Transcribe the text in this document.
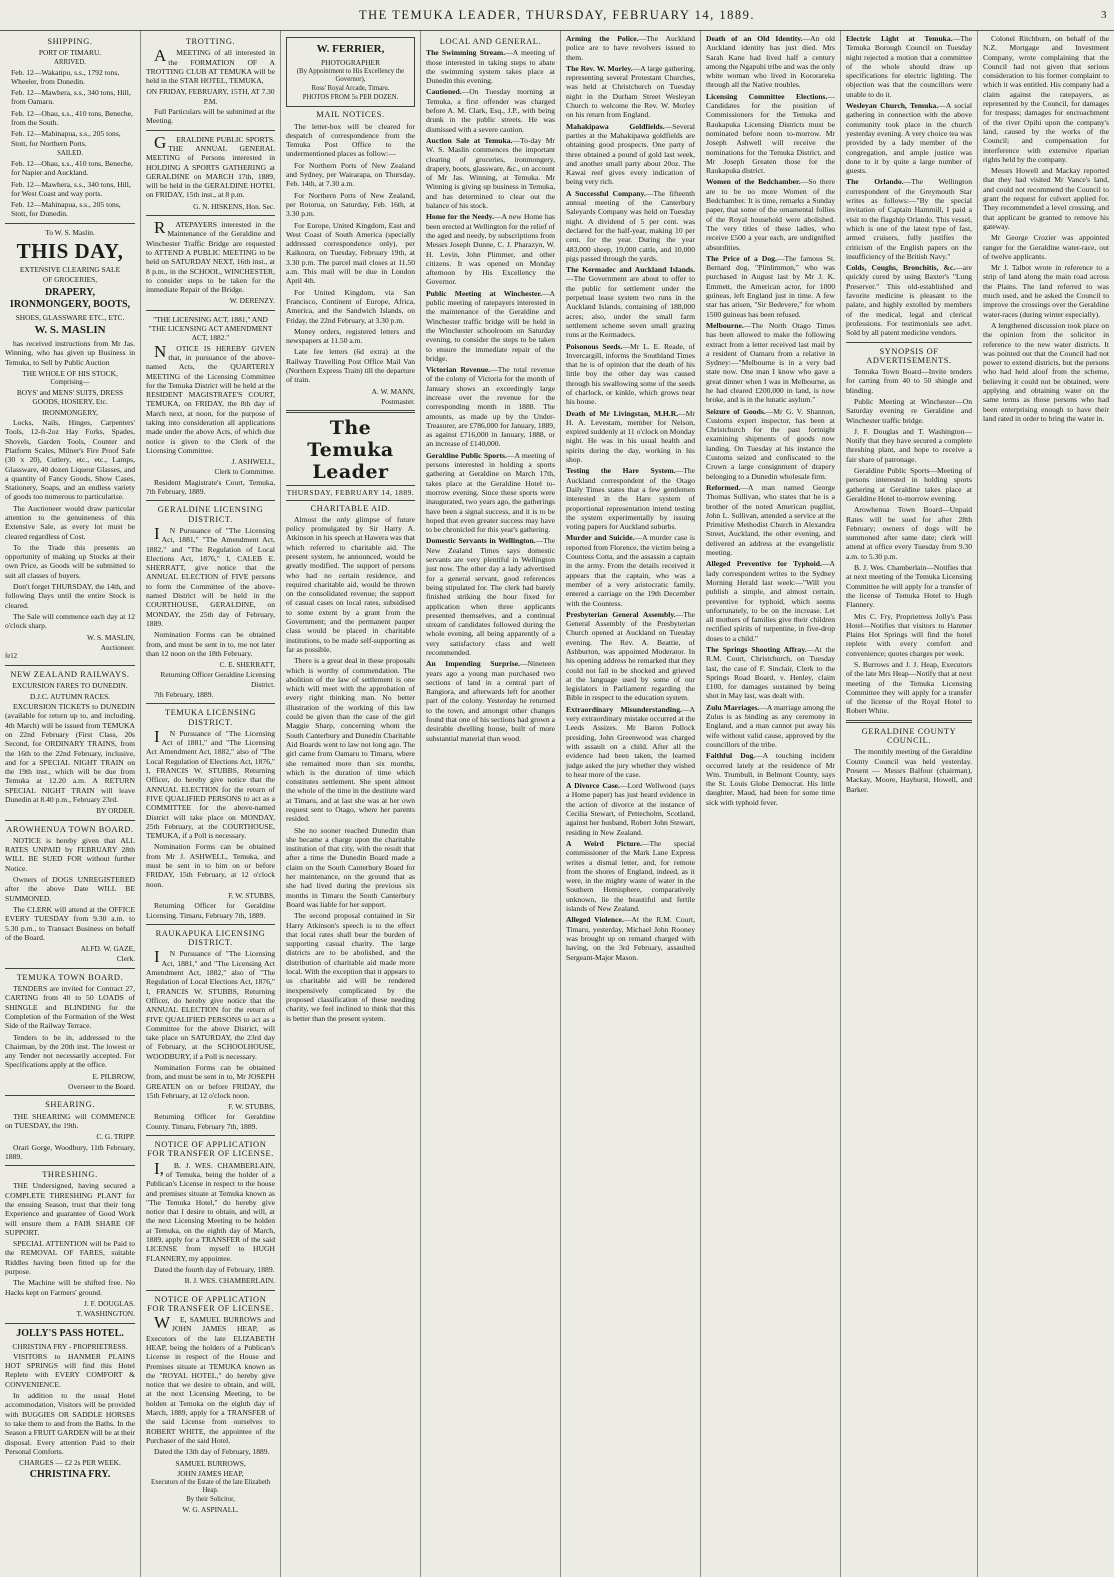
THE TEMUKA LEADER, THURSDAY, FEBRUARY 14, 1889.	3
SHIPPING.
PORT OF TIMARU.
ARRIVED.

Feb. 12—Wakatipu, s.s., 1792 tons, Wheeler, from Dunedin.

Feb. 12—Mawhera, s.s., 340 tons, Hill, from Oamaru.

Feb. 12—Ohau, s.s., 410 tons, Beneche, from the South.

Feb. 12—Mahinapua, s.s., 205 tons, Stott, for Northern Ports.

SAILED.

Feb. 12—Ohau, s.s., 410 tons, Beneche, for Napier and Auckland.

Feb. 12—Mawhera, s.s., 340 tons, Hill, for West Coast and way ports.

Feb. 12—Mahinapua, s.s., 205 tons, Stott, for Dunedin.

To W. S. Maslin.
THIS DAY,
EXTENSIVE CLEARING SALE
OF GROCERIES,
DRAPERY, IRONMONGERY, BOOTS,
SHOES, GLASSWARE ETC., ETC.
W. S. MASLIN

has received instructions from Mr Jas. Winning, who has given up Business in Temuka, to Sell by Public Auction

THE WHOLE OF HIS STOCK,
Comprising—
BOYS' and MENS' SUITS, DRESS GOODS, HOSIERY, Etc.
IRONMONGERY,

Locks, Nails, Hinges, Carpenters' Tools, 12-ft-2oz Hay Forks, Spades, Shovels, Garden Tools, Counter and Platform Scales, Milner's Fire Proof Safe (30 x 20), Cutlery, etc., etc., Lamps, Glassware, 40 dozen Liqueur Glasses, and a quantity of Fancy Goods, Show Cases, Stationery, Soaps, and an endless variety of goods too numerous to particularise.

The Auctioneer would draw particular attention to the genuineness of this Extensive Sale, as every lot must be cleared regardless of Cost.

To the Trade this presents an opportunity of making up Stocks at their own Price, as Goods will be submitted to suit all classes of buyers.

Don't forget THURSDAY, the 14th, and following Days until the entire Stock is cleared.

The Sale will commence each day at 12 o'clock sharp.

W. S. MASLIN,
Auctioneer.
fe12
NEW ZEALAND RAILWAYS.
EXCURSION FARES TO DUNEDIN.
D.J.C. AUTUMN RACES.

EXCURSION TICKETS to DUNEDIN (available for return up to, and including, 4th March) will be issued from TEMUKA on 22nd February (First Class, 20s Second, for ORDINARY TRAINS, from the 16th to the 22nd February, inclusive, and for a SPECIAL NIGHT TRAIN on the 19th inst., which will be due from Temuka at 12.20 a.m. A RETURN SPECIAL NIGHT TRAIN will leave Dunedin at 8.40 p.m., February 23rd.

BY ORDER.
AROWHENUA TOWN BOARD.

NOTICE is hereby given that ALL RATES UNPAID by FEBRUARY 28th WILL BE SUED FOR without further Notice.

Owners of DOGS UNREGISTERED after the above Date WILL BE SUMMONED.

The CLERK will attend at the OFFICE EVERY TUESDAY from 9.30 a.m. to 5.30 p.m., to Transact Business on behalf of the Board.

ALFD. W. GAZE,
Clerk.
TEMUKA TOWN BOARD.

TENDERS are invited for Contract 27, CARTING from 40 to 50 LOADS of SHINGLE and BLINDING for the Completion of the Formation of the West Side of the Railway Terrace.

Tenders to be in, addressed to the Chairman, by the 20th inst. The lowest or any Tender not necessarily accepted. For Specifications apply at the office.

E. PILBROW,
Overseer to the Board.
SHEARING.

THE SHEARING will COMMENCE on TUESDAY, the 19th.

C. G. TRIPP.

Orari Gorge, Woodbury, 11th February, 1889.

THRESHING.

THE Undersigned, having secured a COMPLETE THRESHING PLANT for the ensuing Season, trust that their long Experience and guarantee of Good Work will ensure them a FAIR SHARE OF SUPPORT.

SPECIAL ATTENTION will be Paid to the REMOVAL OF FARES, suitable Riddles having been fitted up for the purpose.

The Machine will be shifted free. No Hacks kept on Farmers' ground.

J. F. DOUGLAS.
T. WASHINGTON.
JOLLY'S PASS HOTEL.
CHRISTINA FRY - PROPRIETRESS.

VISITORS to HANMER PLAINS HOT SPRINGS will find this Hotel Replete with EVERY COMFORT & CONVENIENCE.

In addition to the usual Hotel accommodation, Visitors will be provided with BUGGIES OR SADDLE HORSES to take them to and from the Baths. In the Season a FRUIT GARDEN will be at their disposal. Every attention Paid to their Personal Comforts.

CHARGES — £2 2s PER WEEK.
CHRISTINA FRY.
TROTTING.

AMEETING of all interested in the FORMATION OF A TROTTING CLUB AT TEMUKA will be held in the STAR HOTEL, TEMUKA,

ON FRIDAY, FEBRUARY, 15TH, AT 7.30 P.M.

Full Particulars will be submitted at the Meeting.

GERALDINE PUBLIC SPORTS. THE ANNUAL GENERAL MEETING of Persons interested in HOLDING A SPORTS GATHERING at GERALDINE on MARCH 17th, 1889, will be held in the GERALDINE HOTEL on FRIDAY, 15th inst., at 8 p.m.

G. N. HISKENS, Hon. Sec.

RATEPAYERS interested in the Maintenance of the Geraldine and Winchester Traffic Bridge are requested to ATTEND A PUBLIC MEETING to be held on SATURDAY NEXT, 16th inst., at 8 p.m., in the SCHOOL, WINCHESTER, to consider steps to be taken for the immediate Repair of the Bridge.

W. DERENZY.
"THE LICENSING ACT, 1881," AND "THE LICENSING ACT AMENDMENT ACT, 1882."

NOTICE IS HEREBY GIVEN that, in pursuance of the above-named Acts, the QUARTERLY MEETING of the Licensing Committee for the Temuka District will be held at the RESIDENT MAGISTRATE'S COURT, TEMUKA, on FRIDAY, the 8th day of March next, at noon, for the purpose of taking into consideration all applications made under the above Acts, of which due notice is given to the Clerk of the Licensing Committee.

J. ASHWELL,
Clerk to Committee.

Resident Magistrate's Court, Temuka, 7th February, 1889.

GERALDINE LICENSING DISTRICT.

IN Pursuance of "The Licensing Act, 1881," "The Amendment Act, 1882," and "The Regulation of Local Elections Act, 1876," I, CALEB E. SHERRATT, give notice that the ANNUAL ELECTION of FIVE persons to form the Committee of the above-named District will be held in the COURTHOUSE, GERALDINE, on MONDAY, the 25th day of February, 1889.

Nomination Forms can be obtained from, and must be sent in to, me not later than 12 noon on the 18th February.

C. E. SHERRATT,
Returning Officer Geraldine Licensing District.

7th February, 1889.

TEMUKA LICENSING DISTRICT.

IN Pursuance of "The Licensing Act of 1881," and "The Licensing Act Amendment Act, 1882," also of "The Local Regulation of Elections Act, 1876," I, FRANCIS W. STUBBS, Returning Officer, do hereby give notice that the ANNUAL ELECTION for the return of FIVE QUALIFIED PERSONS to act as a COMMITTEE for the above-named District will take place on MONDAY, 25th February, at the COURTHOUSE, TEMUKA, if a Poll is necessary.

Nomination Forms can be obtained from Mr J. ASHWELL, Temuka, and must be sent in to him on or before FRIDAY, 15th February, at 12 o'clock noon.

F. W. STUBBS,

Returning Officer for Geraldine Licensing. Timaru, February 7th, 1889.

RAUKAPUKA LICENSING DISTRICT.

IN Pursuance of "The Licensing Act, 1881," and "The Licensing Act Amendment Act, 1882," also of "The Regulation of Local Elections Act, 1876," I, FRANCIS W. STUBBS, Returning Officer, do hereby give notice that the ANNUAL ELECTION for the return of FIVE QUALIFIED PERSONS to act as a Committee for the above District, will take place on SATURDAY, the 23rd day of February, at the SCHOOLHOUSE, WOODBURY, if a Poll is necessary.

Nomination Forms can be obtained from, and must be sent in to, Mr JOSEPH GREATEN on or before FRIDAY, the 15th February, at 12 o'clock noon.

F. W. STUBBS,

Returning Officer for Geraldine County. Timaru, February 7th, 1889.

NOTICE OF APPLICATION FOR TRANSFER OF LICENSE.

I,B. J. WES. CHAMBERLAIN, of Temuka, being the holder of a Publican's License in respect to the house and premises situate at Temuka known as "The Temuka Hotel," do hereby give notice that I desire to obtain, and will, at the next Licensing Meeting to be holden at Temuka, on the eighth day of March, 1889, apply for a TRANSFER of the said LICENSE from myself to HUGH FLANNERY, my appointee.

Dated the fourth day of February, 1889.

B. J. WES. CHAMBERLAIN.
NOTICE OF APPLICATION FOR TRANSFER OF LICENSE.

WE, SAMUEL BURROWS and JOHN JAMES HEAP, as Executors of the late ELIZABETH HEAP, being the holders of a Publican's License in respect of the House and Premises situate at TEMUKA known as the "ROYAL HOTEL," do hereby give notice that we desire to obtain, and will, at the next Licensing Meeting, to be holden at Temuka on the eighth day of March, 1889, apply for a TRANSFER of the said License from ourselves to ROBERT WHITE, the appointee of the Purchaser of the said Hotel.

Dated the 13th day of February, 1889.

SAMUEL BURROWS,
JOHN JAMES HEAP,
Executors of the Estate of the late Elizabeth Heap.
By their Solicitor,
W. G. ASPINALL.
W. FERRIER,
PHOTOGRAPHER
(By Appointment to His Excellency the Governor),
Ross' Royal Arcade, Timaru.
PHOTOS FROM 5s PER DOZEN.
MAIL NOTICES.

The letter-box will be cleared for despatch of correspondence from the Temuka Post Office to the undermentioned places as follow:—

For Northern Ports of New Zealand and Sydney, per Wairarapa, on Thursday, Feb. 14th, at 7.30 a.m.

For Northern Ports of New Zealand, per Rotorua, on Saturday, Feb. 16th, at 3.30 p.m.

For Europe, United Kingdom, East and West Coast of South America (specially addressed correspondence only), per Kaikoura, on Tuesday, February 19th, at 3.30 p.m. The parcel mail closes at 11.50 a.m. This mail will be due in London April 4th.

For United Kingdom, via San Francisco, Continent of Europe, Africa, America, and the Sandwich Islands, on Friday, the 22nd February, at 3.30 p.m.

Money orders, registered letters and newspapers at 11.50 a.m.

Late fee letters (6d extra) at the Railway Travelling Post Office Mail Van (Northern Express Train) till the departure of train.

A. W. MANN,
Postmaster.
The Temuka Leader
THURSDAY, FEBRUARY 14, 1889.
CHARITABLE AID.

Almost the only glimpse of future policy promulgated by Sir Harry A. Atkinson in his speech at Hawera was that which referred to charitable aid. The present system, he announced, would be greatly modified. The support of persons who had no certain residence, and required charitable aid, would be thrown on the consolidated revenue; the support of casual cases on local rates, subsidised to some extent by a grant from the Government; and the permanent pauper class would be placed in charitable institutions, to be made self-supporting as far as possible.

There is a great deal in these proposals which is worthy of commendation. The abolition of the law of settlement is one which will meet with the approbation of every right thinking man. No better illustration of the working of this law could be given than the case of the girl Maggie Sharp, concerning whom the South Canterbury and Dunedin Charitable Aid Boards went to law not long ago. The girl came from Oamaru to Timaru, where she remained more than six months, which is the duration of time which constitutes settlement. She spent almost the whole of the time in the destitute ward at Timaru, and at last she was at her own request sent to Otago, where her parents resided.

She no sooner reached Dunedin than she became a charge upon the charitable institution of that city, with the result that after a time the Dunedin Board made a claim on the South Canterbury Board for her maintenance, on the ground that as she had lived during the previous six months in Timaru the South Canterbury Board was liable for her support.

The second proposal contained in Sir Harry Atkinson's speech is to the effect that local rates shall bear the burden of supporting casual charity. The large districts are to be abolished, and the distribution of charitable aid made more local. With the exception that it appears to us charitable aid will be rendered inexpensively complicated by the proposed classification of these needing charity, we feel inclined to think that this is better than the present system.

LOCAL AND GENERAL.

The Swimming Stream.—A meeting of those interested in taking steps to abate the swimming system takes place at Dunedin this evening.

Cautioned.—On Tuesday morning at Temuka, a first offender was charged before A. M. Clark, Esq., J.P., with being drunk in the public streets. He was dismissed with a severe caution.

Auction Sale at Temuka.—To-day Mr W. S. Maslin commences the important clearing of groceries, ironmongery, drapery, boots, glassware, &c., on account of Mr Jas. Winning, at Temuka. Mr Winning is giving up business in Temuka, and has determined to clear out the balance of his stock.

Home for the Needy.—A new Home has been erected at Wellington for the relief of the aged and needy, by subscriptions from Messrs Joseph Dunne, C. J. Pharazyn, W. H. Levin, John Plimmer, and other citizens. It was opened on Monday afternoon by His Excellency the Governor.

Public Meeting at Winchester.—A public meeting of ratepayers interested in the maintenance of the Geraldine and Winchester traffic bridge will be held in the Winchester schoolroom on Saturday evening, to consider the steps to be taken to ensure the immediate repair of the bridge.

Victorian Revenue.—The total revenue of the colony of Victoria for the month of January shows an exceedingly large increase over the revenue for the corresponding month in 1888. The amounts, as made up by the Under-Treasurer, are £786,000 for January, 1889, as against £716,000 in January, 1888, or an increase of £140,000.

Geraldine Public Sports.—A meeting of persons interested in holding a sports gathering at Geraldine on March 17th, takes place at the Geraldine Hotel to-morrow evening. Since these sports were inaugurated, two years ago, the gatherings have been a signal success, and it is to be hoped that even greater success may have to be chronicled for this year's gathering.

Domestic Servants in Wellington.—The New Zealand Times says domestic servants are very plentiful in Wellington just now. The other day a lady advertised for a general servant, good references being stipulated for. The clerk had barely finished striking the hour fixed for application when three applicants presented themselves, and a continual stream of candidates followed during the whole evening, all being apparently of a very satisfactory class and well recommended.

An Impending Surprise.—Nineteen years ago a young man purchased two sections of land in a central part of Rangiora, and afterwards left for another part of the colony. Yesterday he returned to the town, and amongst other changes found that one of his sections had grown a desirable dwelling house, built of more substantial material than wood.

Arming the Police.—The Auckland police are to have revolvers issued to them.

The Rev. W. Morley.—A large gathering, representing several Protestant Churches, was held at Christchurch on Tuesday night in the Durham Street Wesleyan Church to welcome the Rev. W. Morley on his return from England.

Mahakipawa Goldfields.—Several parties at the Mahakipawa goldfields are obtaining good prospects. One party of three obtained a pound of gold last week, and another small party about 20oz. The Kawai reef gives every indication of being very rich.

A Successful Company.—The fifteenth annual meeting of the Canterbury Saleyards Company was held on Tuesday night. A dividend of 5 per cent. was declared for the half-year, making 10 per cent. for the year. During the year 483,000 sheep, 19,000 cattle, and 10,000 pigs passed through the yards.

The Kermadec and Auckland Islands.—The Government are about to offer to the public for settlement under the perpetual lease system two runs in the Auckland Islands, containing of 188,000 acres; also, under the small farm settlement scheme seven small grazing runs at the Kermadecs.

Poisonous Seeds.—Mr L. E. Reade, of Invercargill, informs the Southland Times that he is of opinion that the death of his little boy the other day was caused through his swallowing some of the seeds of charlock, or kinkle, which grows near his house.

Death of Mr Livingstan, M.H.R.—Mr H. A. Levestam, member for Nelson, expired suddenly at 11 o'clock on Monday night. He was in his usual health and spirits during the day, working in his shop.

Testing the Hare System.—The Auckland correspondent of the Otago Daily Times states that a few gentlemen interested in the Hare system of proportional representation intend testing the system experimentally by issuing voting papers for Auckland suburbs.

Murder and Suicide.—A murder case is reported from Florence, the victim being a Countess Cotta, and the assassin a captain in the army. From the details received it appears that the captain, who was a member of a very aristocratic family, entered a carriage on the 19th December with the Countess.

Presbyterian General Assembly.—The General Assembly of the Presbyterian Church opened at Auckland on Tuesday evening. The Rev. A. Beattie, of Ashburton, was appointed Moderator. In his opening address he remarked that they could not fail to be shocked and grieved at the language used by some of our legislators in Parliament regarding the Bible in respect to the education system.

Extraordinary Misunderstanding.—A very extraordinary mistake occurred at the Leeds Assizes. Mr Baron Pollock presiding, John Greenwood was charged with assault on a child. After all the evidence had been taken, the learned judge asked the jury whether they wished to hear more of the case.

A Divorce Case.—Lord Wellwood (says a Home paper) has just heard evidence in the action of divorce at the instance of Cecilia Stewart, of Pettecholm, Scotland, against her husband, Robert John Stewart, residing in New Zealand.

A Weird Picture.—The special commissioner of the Mark Lane Express writes a dismal letter, and, for remote from the shores of England, indeed, as it were, in the mighty waste of water in the Southern Hemisphere, comparatively unknown, lie the beautiful and fertile islands of New Zealand.

Alleged Violence.—At the R.M. Court, Timaru, yesterday, Michael John Rooney was brought up on remand charged with having, on the 3rd February, assaulted Sergeant-Major Mason.

Death of an Old Identity.—An old Auckland identity has just died. Mrs Sarah Kane had lived half a century among the Ngapuhi tribe and was the only white woman who lived in Kororareka through all the Native troubles.

Licensing Committee Elections.—Candidates for the position of Commissioners for the Temuka and Raukapuka Licensing Districts must be nominated before noon to-morrow. Mr Joseph Ashwell will receive the nominations for the Temuka District, and Mr Joseph Greaten those for the Raukapuka district.

Women of the Bedchamber.—So there are to be no more Women of the Bedchamber. It is time, remarks a Sunday paper, that some of the ornamental follies of the Royal household were abolished. The very titles of these ladies, who receive £500 a year each, are undignified absurdities.

The Price of a Dog.—The famous St. Bernard dog, "Plinlimmon," who was purchased in August last by Mr J. K. Emmett, the American actor, for 1000 guineas, left England just in time. A few star has arisen, "Sir Bedevere," for whom 1500 guineas has been refused.

Melbourne.—The North Otago Times has been allowed to make the following extract from a letter received last mail by a resident of Oamaru from a relative in Sydney:—"Melbourne is in a very bad state now. One man I know who gave a great dinner when I was in Melbourne, as he had cleared £200,000 in land, is now broke, and is in the lunatic asylum."

Seizure of Goods.—Mr G. V. Shannon, Customs expert inspector, has been at Christchurch for the past fortnight examining shipments of goods now landing. On Tuesday at his instance the Customs seized and confiscated to the Crown a large consignment of drapery belonging to a Dunedin wholesale firm.

Reformed.—A man named George Thomas Sullivan, who states that he is a brother of the noted American pugilist, John L. Sullivan, attended a service at the Primitive Methodist Church in Alexandra Street, Auckland, the other evening, and delivered an address at the evangelistic meeting.

Alleged Preventive for Typhoid.—A lady correspondent writes to the Sydney Morning Herald last week:—"Will you publish a simple, and almost certain, preventive for typhoid, which seems unfortunately, to be on the increase. Let all mothers of families give their children rectified spirits of turpentine, in five-drop doses to a child."

The Springs Shooting Affray.—At the R.M. Court, Christchurch, on Tuesday last, the case of F. Sinclair, Clerk to the Springs Road Board, v. Henley, claim £100, for damages sustained by being shot in May last, was dealt with.

Zulu Marriages.—A marriage among the Zulus is as binding as any ceremony in England, and a man cannot put away his wife without valid cause, approved by the councillors of the tribe.

Faithful Dog.—A touching incident occurred lately at the residence of Mr Wm. Trumbull, in Belmont County, says the St. Louis Globe Democrat. His little daughter, Maud, had been for some time sick with typhoid fever.

Electric Light at Temuka.—The Temuka Borough Council on Tuesday night rejected a motion that a committee of the whole should draw up specifications for electric lighting. The objection was that the councillors were unable to do it.

Wesleyan Church, Temuka.—A social gathering in connection with the above community took place in the church yesterday evening. A very choice tea was provided by a lady member of the congregation, and ample justice was done to it by quite a large number of guests.

The Orlando.—The Wellington correspondent of the Greymouth Star writes as follows:—"By the special invitation of Captain Hammill, I paid a visit to the flagship Orlando. This vessel, which is one of the latest type of fast, armed cruisers, fully justifies the criticism of the English papers on the insufficiency of the British Navy."

Colds, Coughs, Bronchitis, &c.—are quickly cured by using Baxter's "Lung Preserver." This old-established and favorite medicine is pleasant to the palate, and highly extolled by members of the medical, legal and clerical professions. For testimonials see advt. Sold by all patent medicine vendors.

SYNOPSIS OF ADVERTISEMENTS.

Temuka Town Board—Invite tenders for carting from 40 to 50 shingle and blinding.

Public Meeting at Winchester—On Saturday evening re Geraldine and Winchester traffic bridge.

J. F. Douglas and T. Washington—Notify that they have secured a complete threshing plant, and hope to receive a fair share of patronage.

Geraldine Public Sports—Meeting of persons interested in holding sports gathering at Geraldine takes place at Geraldine Hotel to-morrow evening.

Arowhenua Town Board—Unpaid Rates will be sued for after 28th February; owners of dogs will be summoned after same date; clerk will attend at office every Tuesday from 9.30 a.m. to 5.30 p.m.

B. J. Wes. Chamberlain—Notifies that at next meeting of the Temuka Licensing Committee he will apply for a transfer of the license of Temuka Hotel to Hugh Flannery.

Mrs C. Fry, Proprietress Jolly's Pass Hotel—Notifies that visitors to Hanmer Plains Hot Springs will find the hotel replete with every comfort and convenience; quotes charges per week.

S. Burrows and J. J. Heap, Executors of the late Mrs Heap—Notify that at next meeting of the Temuka Licensing Committee they will apply for a transfer of the license of the Royal Hotel to Robert White.

GERALDINE COUNTY COUNCIL.

The monthly meeting of the Geraldine County Council was held yesterday. Present — Messrs Balfour (chairman), Mackay, Moore, Hayhurst, Howell, and Barker.

Colonel Ritchburn, on behalf of the N.Z. Mortgage and Investment Company, wrote complaining that the Council had not given that serious consideration to his former complaint to which it was entitled. His company had a claim against the ratepayers, as represented by the Council, for damages for trespass; damages for encroachment of the river Opihi upon the company's land, caused by the works of the Council; and compensation for interference with extensive riparian rights held by the company.

Messrs Howell and Mackay reported that they had visited Mr Vance's land, and could not recommend the Council to grant the request for culvert applied for. They recommended a level crossing, and that applicant be granted to remove his gateway.

Mr George Crozier was appointed ranger for the Geraldine water-race, out of twelve applicants.

Mr J. Talbot wrote in reference to a strip of land along the main road across the Plains. The land referred to was much used, and he asked the Council to improve the crossings over the Geraldine water-races (during winter especially).

A lengthened discussion took place on the opinion from the solicitor in reference to the new water districts. It was pointed out that the Council had not power to extend districts, but the persons who had held aloof from the scheme, believing it could not be obtained, were applying and obtaining water on the same terms as those persons who had been enterprising enough to have their land rated in order to bring the water in.
